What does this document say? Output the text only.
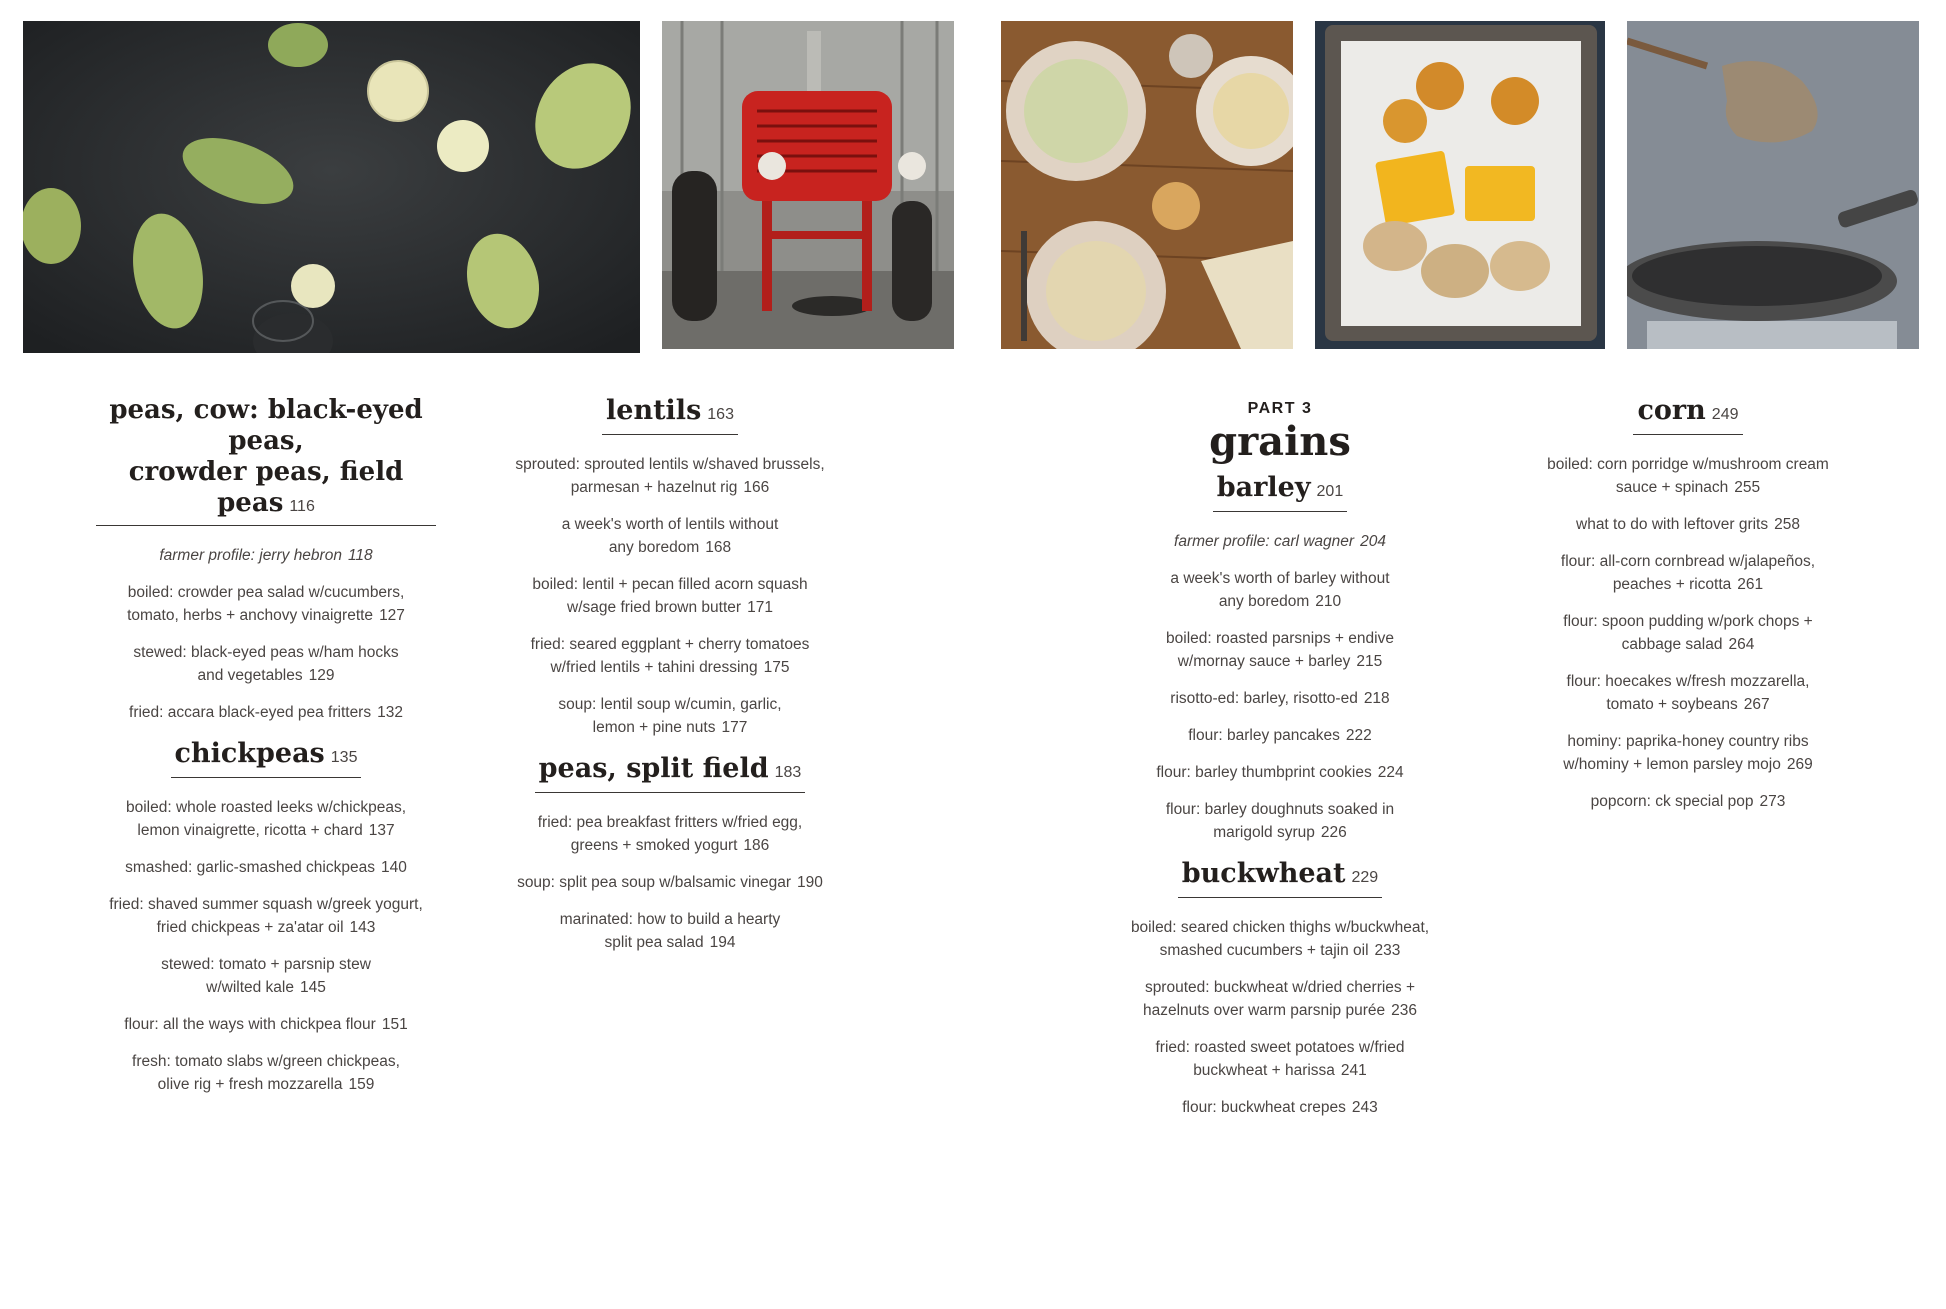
peas, cow: black-eyed peas,
crowder peas, field peas 116
farmer profile: jerry hebron 118
boiled: crowder pea salad w/cucumbers,
tomato, herbs + anchovy vinaigrette 127
stewed: black-eyed peas w/ham hocks
and vegetables 129
fried: accara black-eyed pea fritters 132
chickpeas 135
boiled: whole roasted leeks w/chickpeas,
lemon vinaigrette, ricotta + chard 137
smashed: garlic-smashed chickpeas 140
fried: shaved summer squash w/greek yogurt,
fried chickpeas + za'atar oil 143
stewed: tomato + parsnip stew
w/wilted kale 145
flour: all the ways with chickpea flour 151
fresh: tomato slabs w/green chickpeas,
olive rig + fresh mozzarella 159
lentils 163
sprouted: sprouted lentils w/shaved brussels,
parmesan + hazelnut rig 166
a week's worth of lentils without
any boredom 168
boiled: lentil + pecan filled acorn squash
w/sage fried brown butter 171
fried: seared eggplant + cherry tomatoes
w/fried lentils + tahini dressing 175
soup: lentil soup w/cumin, garlic,
lemon + pine nuts 177
peas, split field 183
fried: pea breakfast fritters w/fried egg,
greens + smoked yogurt 186
soup: split pea soup w/balsamic vinegar 190
marinated: how to build a hearty
split pea salad 194
PART 3
grains
barley 201
farmer profile: carl wagner 204
a week's worth of barley without
any boredom 210
boiled: roasted parsnips + endive
w/mornay sauce + barley 215
risotto-ed: barley, risotto-ed 218
flour: barley pancakes 222
flour: barley thumbprint cookies 224
flour: barley doughnuts soaked in
marigold syrup 226
buckwheat 229
boiled: seared chicken thighs w/buckwheat,
smashed cucumbers + tajin oil 233
sprouted: buckwheat w/dried cherries +
hazelnuts over warm parsnip purée 236
fried: roasted sweet potatoes w/fried
buckwheat + harissa 241
flour: buckwheat crepes 243
corn 249
boiled: corn porridge w/mushroom cream
sauce + spinach 255
what to do with leftover grits 258
flour: all-corn cornbread w/jalapeños,
peaches + ricotta 261
flour: spoon pudding w/pork chops +
cabbage salad 264
flour: hoecakes w/fresh mozzarella,
tomato + soybeans 267
hominy: paprika-honey country ribs
w/hominy + lemon parsley mojo 269
popcorn: ck special pop 273
